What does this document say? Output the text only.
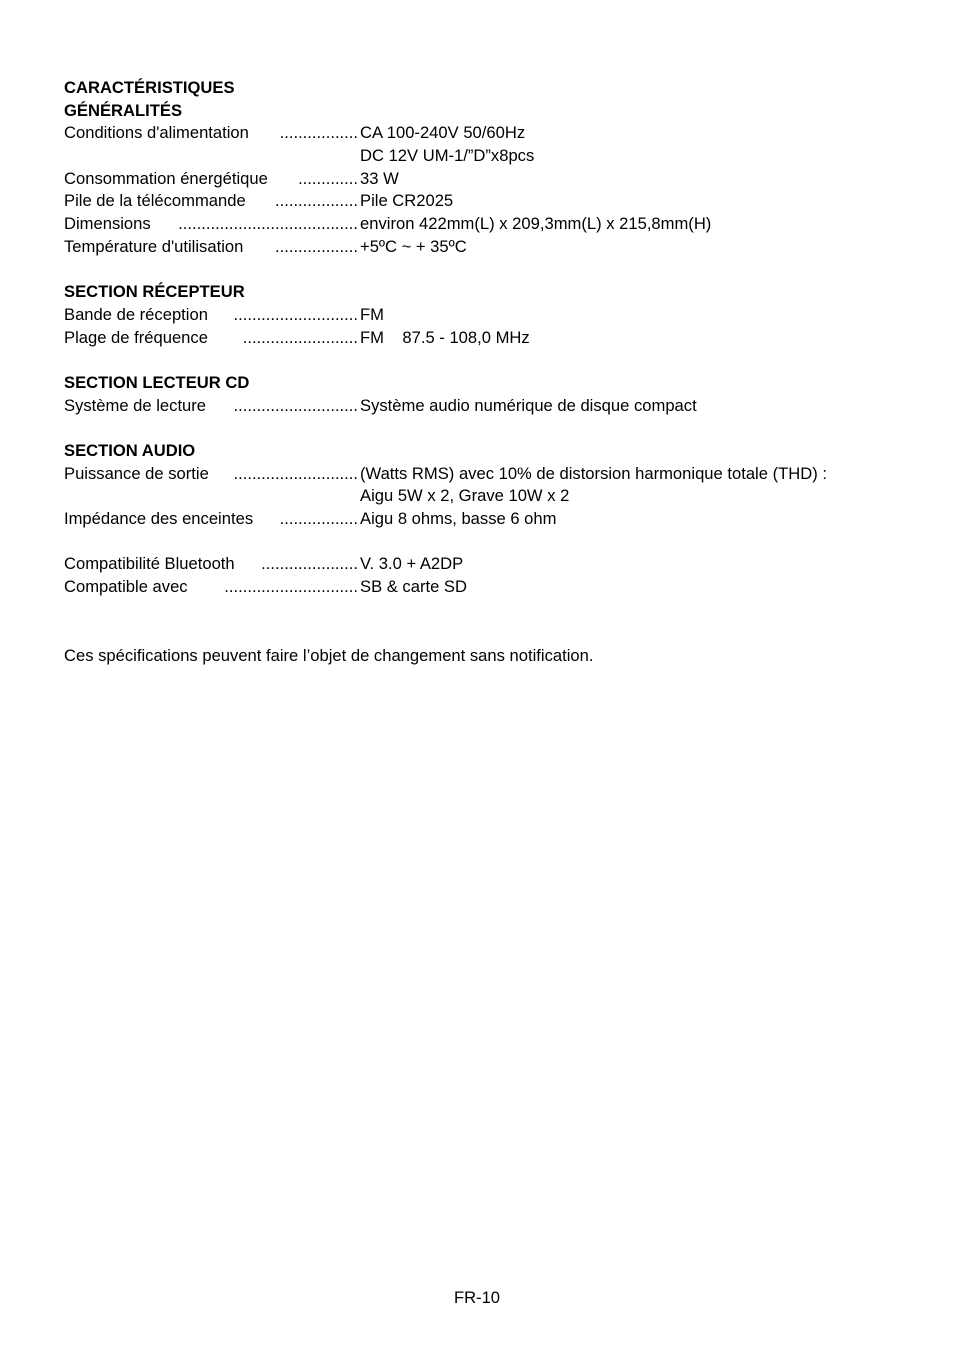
CARACTÉRISTIQUES
GÉNÉRALITÉS
Conditions d'alimentation	................. CA 100-240V 50/60Hz
DC 12V UM-1/”D”x8pcs
Consommation énergétique	............. 33 W
Pile de la télécommande	.................. Pile CR2025
Dimensions	....................................... environ 422mm(L) x 209,3mm(L) x 215,8mm(H)
Température d'utilisation	.................. +5ºC ~ + 35ºC
SECTION RÉCEPTEUR
Bande de réception	........................... FM
Plage de fréquence	......................... FM    87.5 - 108,0 MHz
SECTION LECTEUR CD
Système de lecture	........................... Système audio numérique de disque compact
SECTION AUDIO
Puissance de sortie	........................... (Watts RMS) avec 10% de distorsion harmonique totale (THD) :
Aigu 5W x 2, Grave 10W x 2
Impédance des enceintes	................. Aigu 8 ohms, basse 6 ohm
Compatibilité Bluetooth	..................... V. 3.0 + A2DP
Compatible avec	............................. SB & carte SD
Ces spécifications peuvent faire l’objet de changement sans notification.
FR-10
